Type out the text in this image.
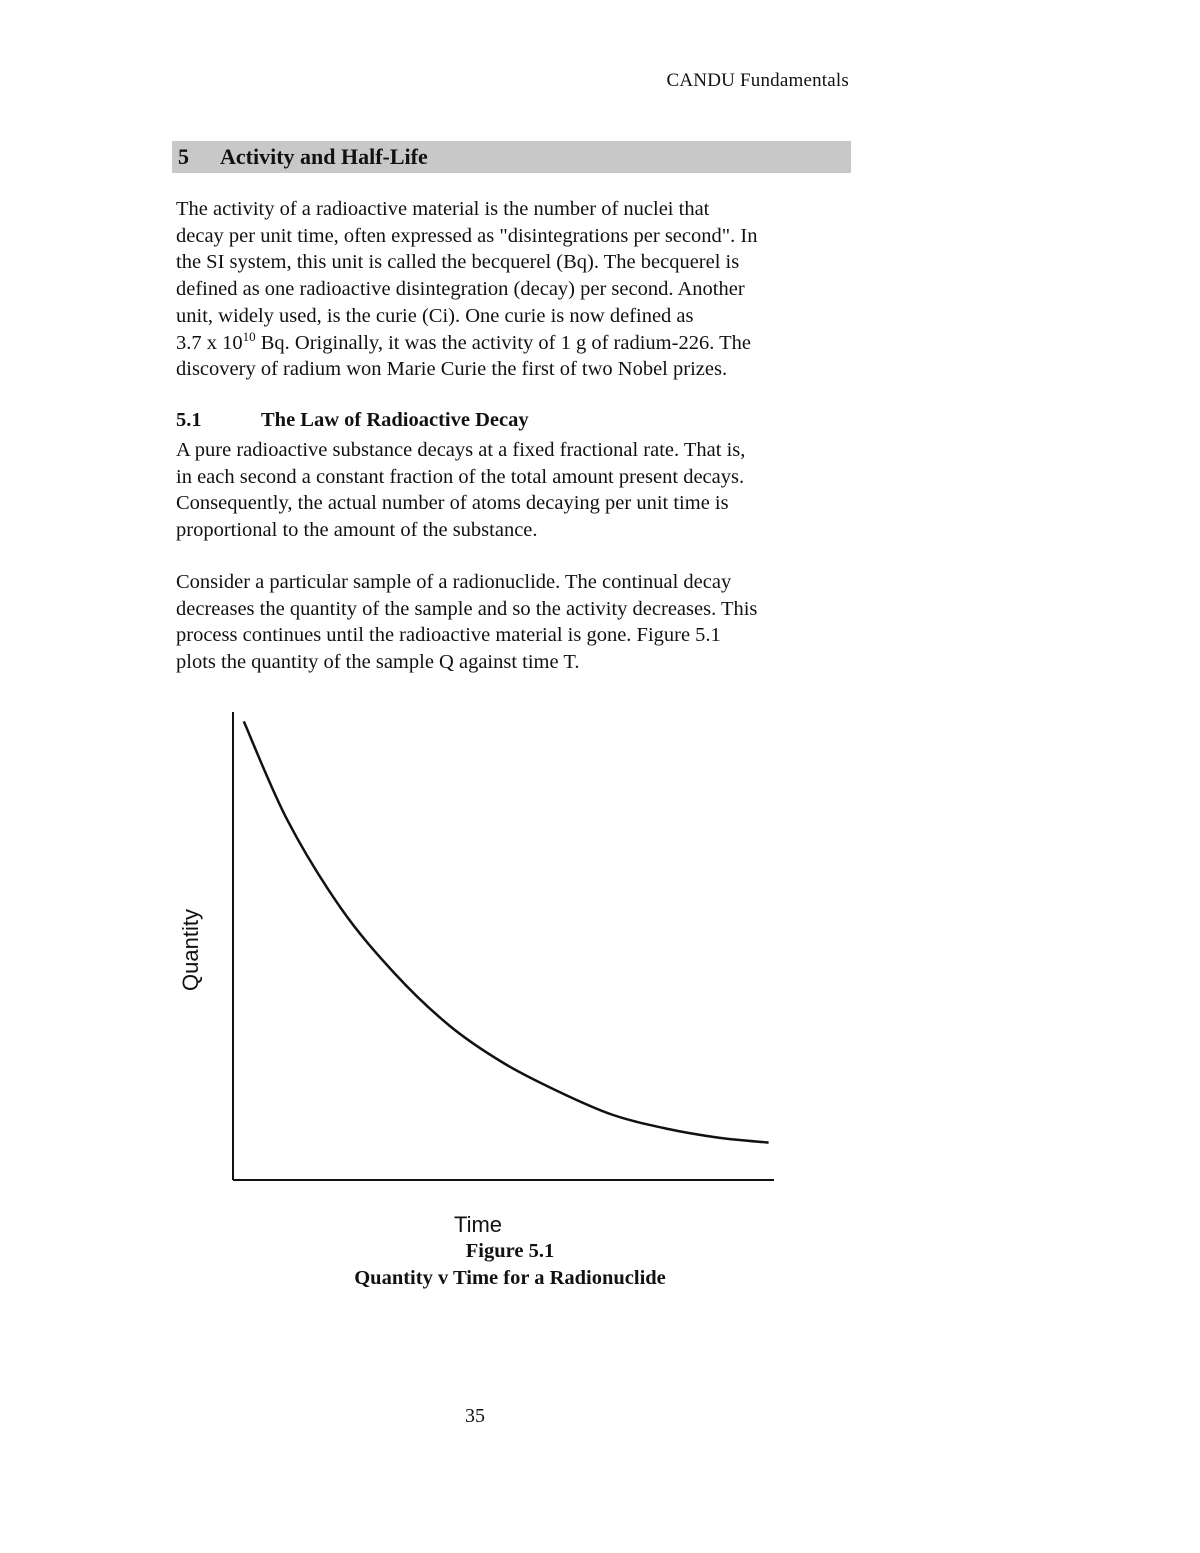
CANDU Fundamentals
5 Activity and Half-Life
The activity of a radioactive material is the number of nuclei that
decay per unit time, often expressed as "disintegrations per second". In
the SI system, this unit is called the becquerel (Bq). The becquerel is
defined as one radioactive disintegration (decay) per second. Another
unit, widely used, is the curie (Ci). One curie is now defined as
3.7 x $10^{10}$ Bq. Originally, it was the activity of 1 g of radium-226. The
discovery of radium won Marie Curie the first of two Nobel prizes.
5.1	The Law of Radioactive Decay
A pure radioactive substance decays at a fixed fractional rate. That is,
in each second a constant fraction of the total amount present decays.
Consequently, the actual number of atoms decaying per unit time is
proportional to the amount of the substance.
Consider a particular sample of a radionuclide. The continual decay
decreases the quantity of the sample and so the activity decreases. This
process continues until the radioactive material is gone. Figure 5.1
plots the quantity of the sample Q against time T.
Quantity
Time
Figure 5.1
Quantity v Time for a Radionuclide
35
